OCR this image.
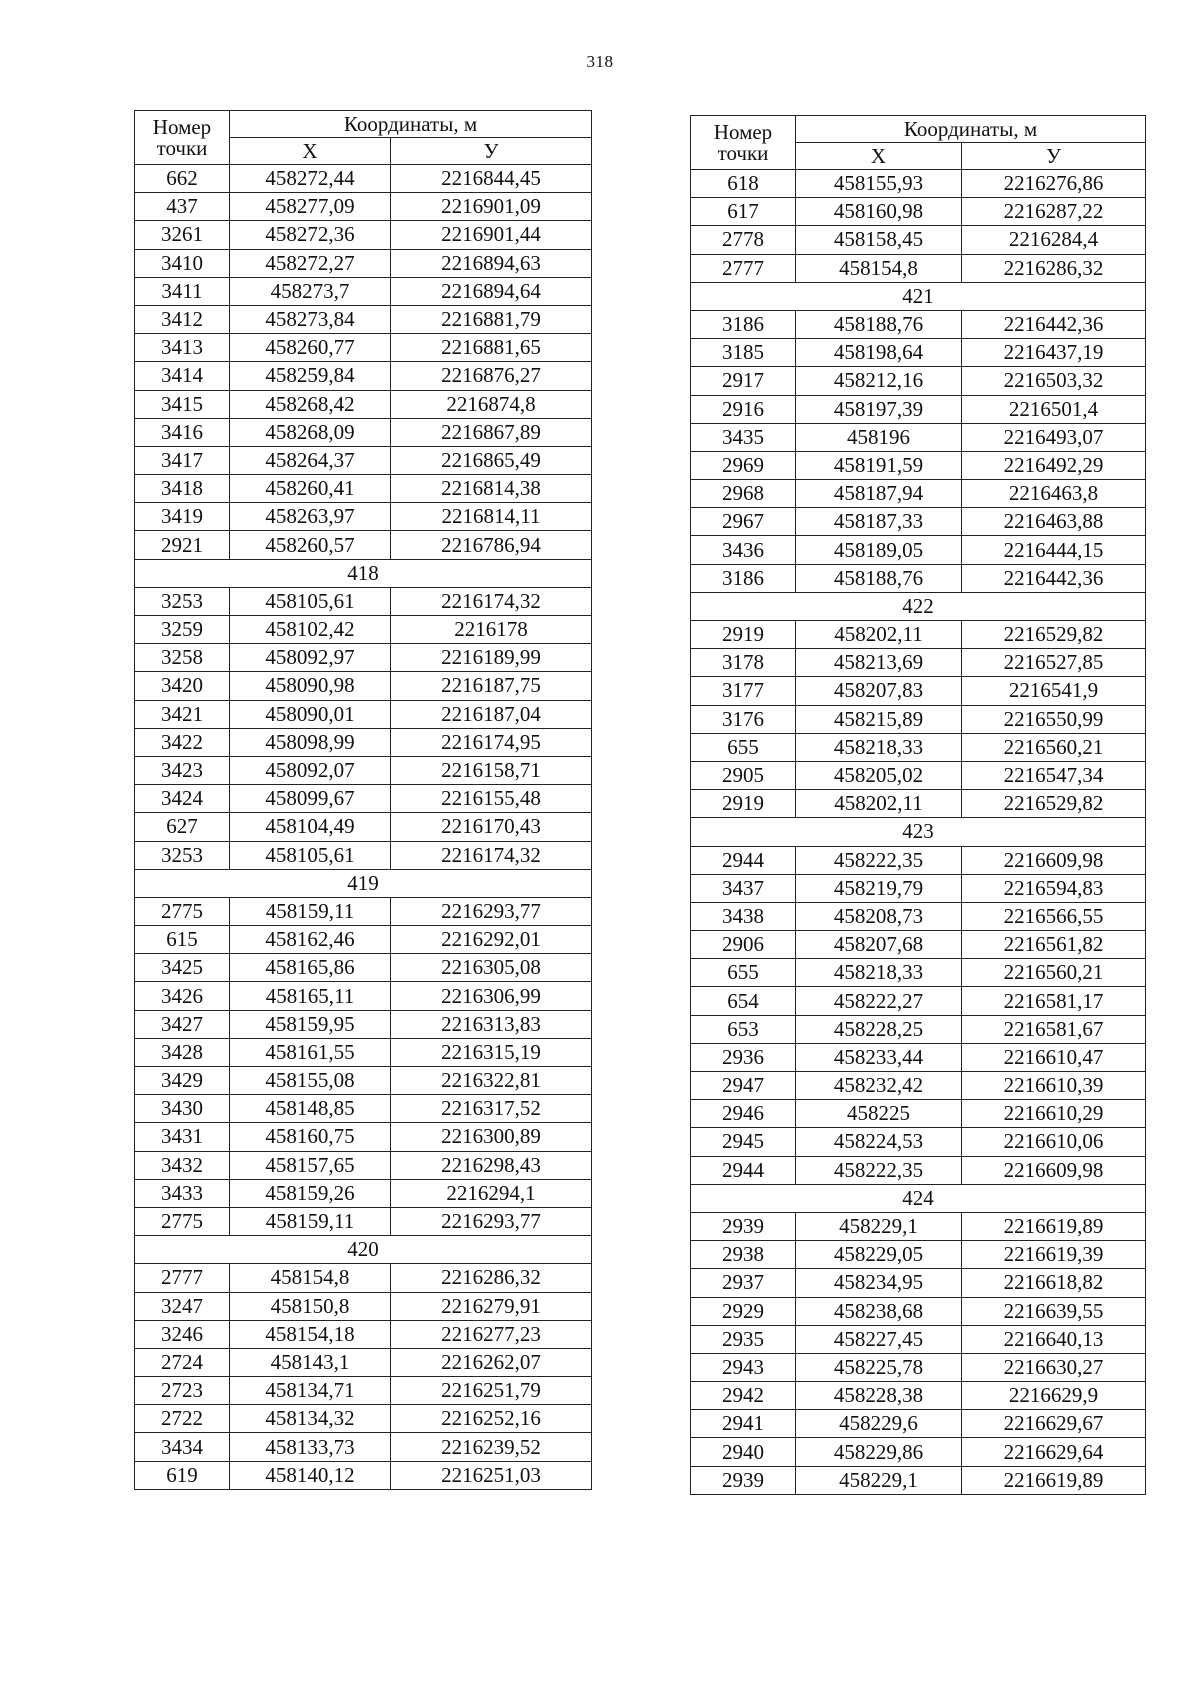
318
Номер
точки	Координаты, м	
	Х	У
662	458272,44	2216844,45
437	458277,09	2216901,09
3261	458272,36	2216901,44
3410	458272,27	2216894,63
3411	458273,7	2216894,64
3412	458273,84	2216881,79
3413	458260,77	2216881,65
3414	458259,84	2216876,27
3415	458268,42	2216874,8
3416	458268,09	2216867,89
3417	458264,37	2216865,49
3418	458260,41	2216814,38
3419	458263,97	2216814,11
2921	458260,57	2216786,94
418		
3253	458105,61	2216174,32
3259	458102,42	2216178
3258	458092,97	2216189,99
3420	458090,98	2216187,75
3421	458090,01	2216187,04
3422	458098,99	2216174,95
3423	458092,07	2216158,71
3424	458099,67	2216155,48
627	458104,49	2216170,43
3253	458105,61	2216174,32
419		
2775	458159,11	2216293,77
615	458162,46	2216292,01
3425	458165,86	2216305,08
3426	458165,11	2216306,99
3427	458159,95	2216313,83
3428	458161,55	2216315,19
3429	458155,08	2216322,81
3430	458148,85	2216317,52
3431	458160,75	2216300,89
3432	458157,65	2216298,43
3433	458159,26	2216294,1
2775	458159,11	2216293,77
420		
2777	458154,8	2216286,32
3247	458150,8	2216279,91
3246	458154,18	2216277,23
2724	458143,1	2216262,07
2723	458134,71	2216251,79
2722	458134,32	2216252,16
3434	458133,73	2216239,52
619	458140,12	2216251,03
Номер
точки	Координаты, м	
	Х	У
618	458155,93	2216276,86
617	458160,98	2216287,22
2778	458158,45	2216284,4
2777	458154,8	2216286,32
421		
3186	458188,76	2216442,36
3185	458198,64	2216437,19
2917	458212,16	2216503,32
2916	458197,39	2216501,4
3435	458196	2216493,07
2969	458191,59	2216492,29
2968	458187,94	2216463,8
2967	458187,33	2216463,88
3436	458189,05	2216444,15
3186	458188,76	2216442,36
422		
2919	458202,11	2216529,82
3178	458213,69	2216527,85
3177	458207,83	2216541,9
3176	458215,89	2216550,99
655	458218,33	2216560,21
2905	458205,02	2216547,34
2919	458202,11	2216529,82
423		
2944	458222,35	2216609,98
3437	458219,79	2216594,83
3438	458208,73	2216566,55
2906	458207,68	2216561,82
655	458218,33	2216560,21
654	458222,27	2216581,17
653	458228,25	2216581,67
2936	458233,44	2216610,47
2947	458232,42	2216610,39
2946	458225	2216610,29
2945	458224,53	2216610,06
2944	458222,35	2216609,98
424		
2939	458229,1	2216619,89
2938	458229,05	2216619,39
2937	458234,95	2216618,82
2929	458238,68	2216639,55
2935	458227,45	2216640,13
2943	458225,78	2216630,27
2942	458228,38	2216629,9
2941	458229,6	2216629,67
2940	458229,86	2216629,64
2939	458229,1	2216619,89
